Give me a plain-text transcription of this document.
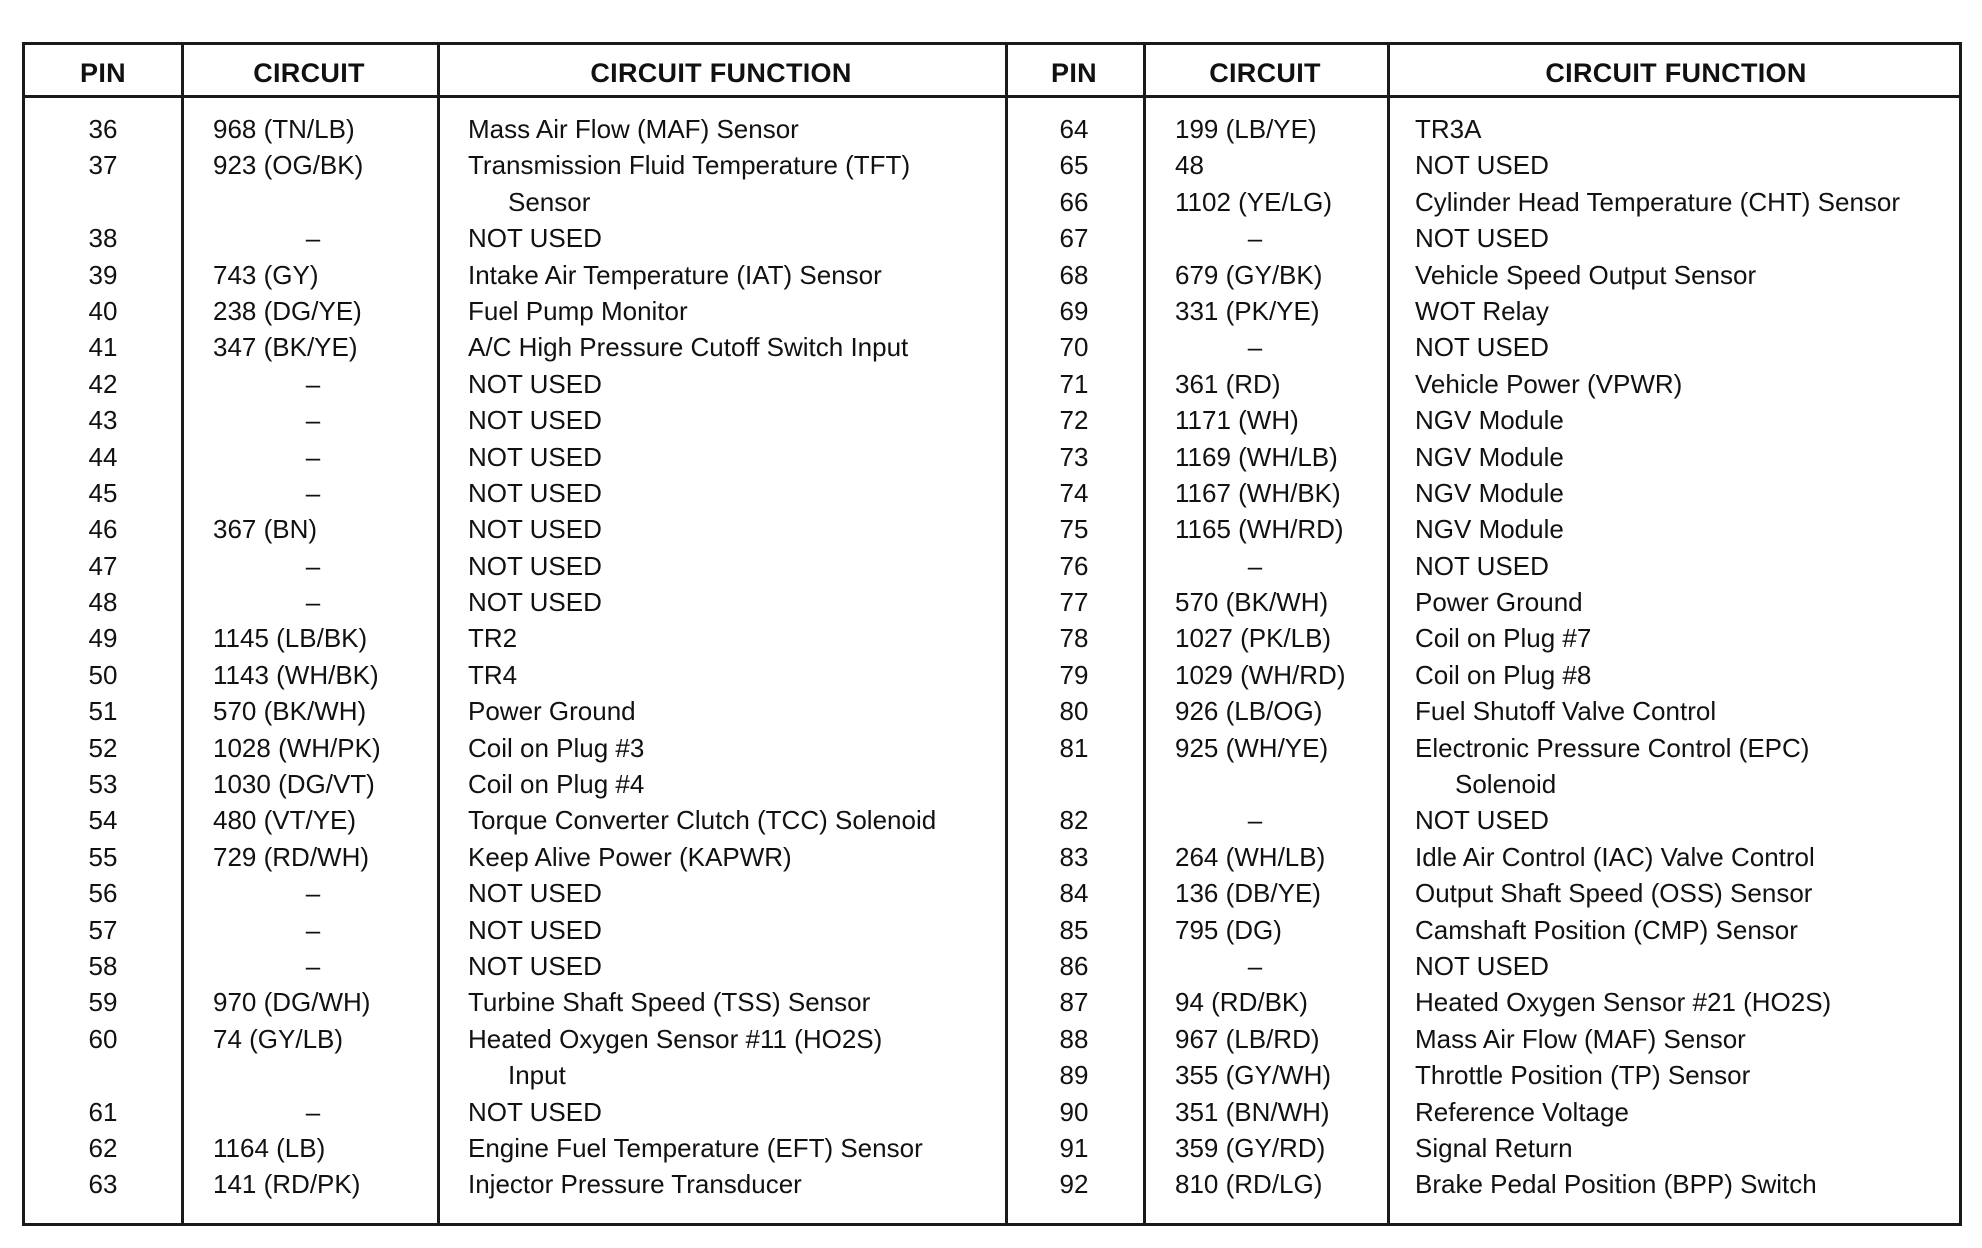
PIN	CIRCUIT	CIRCUIT FUNCTION	PIN	CIRCUIT	CIRCUIT FUNCTION
36	968 (TN/LB)	Mass Air Flow (MAF) Sensor
37	923 (OG/BK)	Transmission Fluid Temperature (TFT)
Sensor
38	–	NOT USED
39	743 (GY)	Intake Air Temperature (IAT) Sensor
40	238 (DG/YE)	Fuel Pump Monitor
41	347 (BK/YE)	A/C High Pressure Cutoff Switch Input
42	–	NOT USED
43	–	NOT USED
44	–	NOT USED
45	–	NOT USED
46	367 (BN)	NOT USED
47	–	NOT USED
48	–	NOT USED
49	1145 (LB/BK)	TR2
50	1143 (WH/BK)	TR4
51	570 (BK/WH)	Power Ground
52	1028 (WH/PK)	Coil on Plug #3
53	1030 (DG/VT)	Coil on Plug #4
54	480 (VT/YE)	Torque Converter Clutch (TCC) Solenoid
55	729 (RD/WH)	Keep Alive Power (KAPWR)
56	–	NOT USED
57	–	NOT USED
58	–	NOT USED
59	970 (DG/WH)	Turbine Shaft Speed (TSS) Sensor
60	74 (GY/LB)	Heated Oxygen Sensor #11 (HO2S)
Input
61	–	NOT USED
62	1164 (LB)	Engine Fuel Temperature (EFT) Sensor
63	141 (RD/PK)	Injector Pressure Transducer
64	199 (LB/YE)	TR3A
65	48	NOT USED
66	1102 (YE/LG)	Cylinder Head Temperature (CHT) Sensor
67	–	NOT USED
68	679 (GY/BK)	Vehicle Speed Output Sensor
69	331 (PK/YE)	WOT Relay
70	–	NOT USED
71	361 (RD)	Vehicle Power (VPWR)
72	1171 (WH)	NGV Module
73	1169 (WH/LB)	NGV Module
74	1167 (WH/BK)	NGV Module
75	1165 (WH/RD)	NGV Module
76	–	NOT USED
77	570 (BK/WH)	Power Ground
78	1027 (PK/LB)	Coil on Plug #7
79	1029 (WH/RD)	Coil on Plug #8
80	926 (LB/OG)	Fuel Shutoff Valve Control
81	925 (WH/YE)	Electronic Pressure Control (EPC)
Solenoid
82	–	NOT USED
83	264 (WH/LB)	Idle Air Control (IAC) Valve Control
84	136 (DB/YE)	Output Shaft Speed (OSS) Sensor
85	795 (DG)	Camshaft Position (CMP) Sensor
86	–	NOT USED
87	94 (RD/BK)	Heated Oxygen Sensor #21 (HO2S)
88	967 (LB/RD)	Mass Air Flow (MAF) Sensor
89	355 (GY/WH)	Throttle Position (TP) Sensor
90	351 (BN/WH)	Reference Voltage
91	359 (GY/RD)	Signal Return
92	810 (RD/LG)	Brake Pedal Position (BPP) Switch
